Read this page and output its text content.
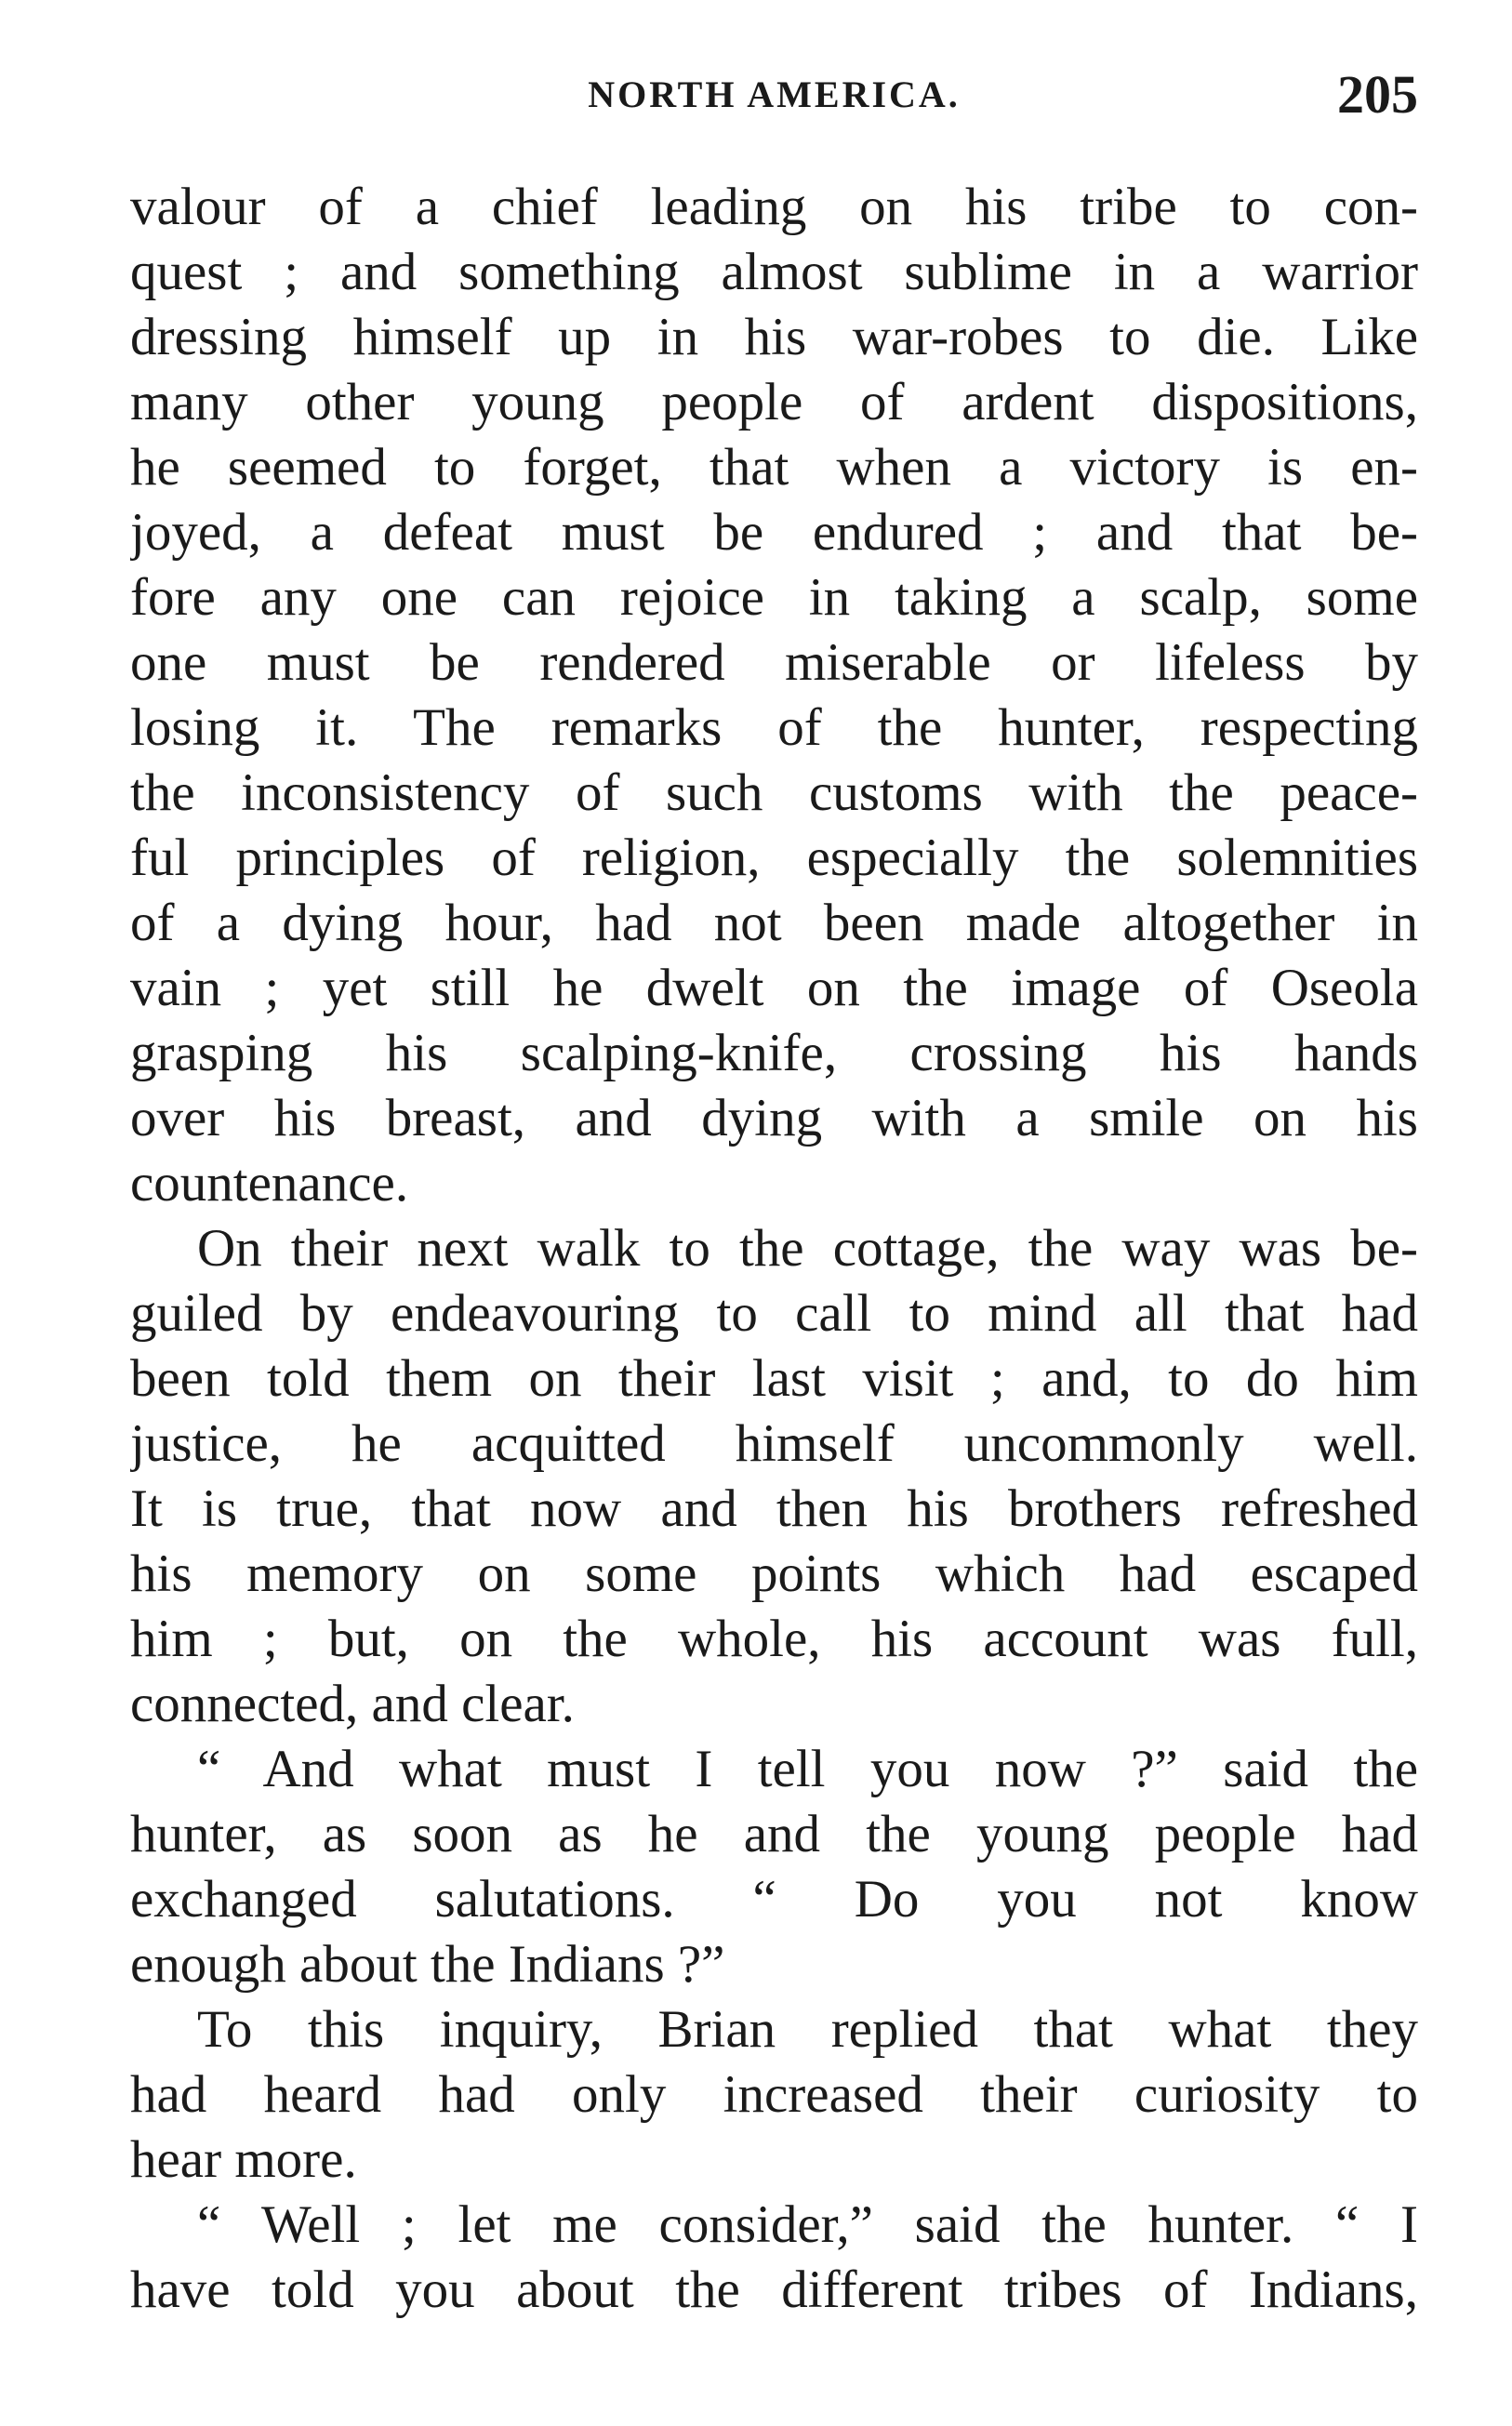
NORTH AMERICA.	205
valour of a chief leading on his tribe to con-
quest ; and something almost sublime in a warrior
dressing himself up in his war-robes to die. Like
many other young people of ardent dispositions,
he seemed to forget, that when a victory is en-
joyed, a defeat must be endured ; and that be-
fore any one can rejoice in taking a scalp, some
one must be rendered miserable or lifeless by
losing it. The remarks of the hunter, respecting
the inconsistency of such customs with the peace-
ful principles of religion, especially the solemnities
of a dying hour, had not been made altogether in
vain ; yet still he dwelt on the image of Oseola
grasping his scalping-knife, crossing his hands
over his breast, and dying with a smile on his
countenance.
On their next walk to the cottage, the way was be-
guiled by endeavouring to call to mind all that had
been told them on their last visit ; and, to do him
justice, he acquitted himself uncommonly well.
It is true, that now and then his brothers refreshed
his memory on some points which had escaped
him ; but, on the whole, his account was full,
connected, and clear.
“ And what must I tell you now ?” said the
hunter, as soon as he and the young people had
exchanged salutations. “ Do you not know
enough about the Indians ?”
To this inquiry, Brian replied that what they
had heard had only increased their curiosity to
hear more.
“ Well ; let me consider,” said the hunter. “ I
have told you about the different tribes of Indians,
